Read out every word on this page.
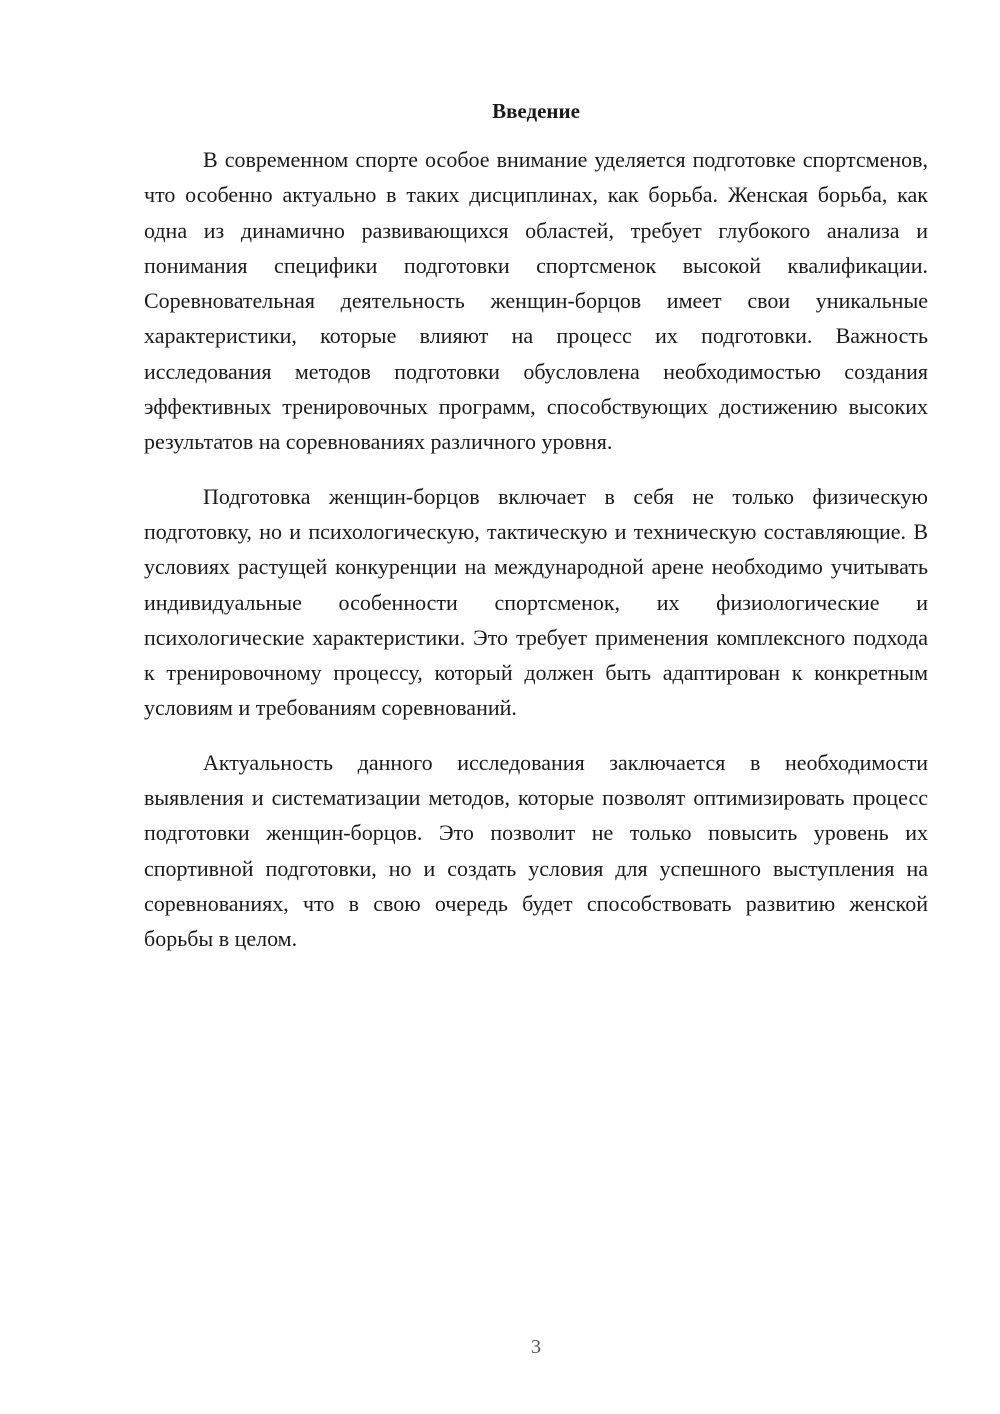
Введение

В современном спорте особое внимание уделяется подготовке спортсменов, что особенно актуально в таких дисциплинах, как борьба. Женская борьба, как одна из динамично развивающихся областей, требует глубокого анализа и понимания специфики подготовки спортсменок высокой квалификации. Соревновательная деятельность женщин-борцов имеет свои уникальные характеристики, которые влияют на процесс их подготовки. Важность исследования методов подготовки обусловлена необходимостью создания эффективных тренировочных программ, способствующих достижению высоких результатов на соревнованиях различного уровня.

Подготовка женщин-борцов включает в себя не только физическую подготовку, но и психологическую, тактическую и техническую составляющие. В условиях растущей конкуренции на международной арене необходимо учитывать индивидуальные особенности спортсменок, их физиологические и психологические характеристики. Это требует применения комплексного подхода к тренировочному процессу, который должен быть адаптирован к конкретным условиям и требованиям соревнований.

Актуальность данного исследования заключается в необходимости выявления и систематизации методов, которые позволят оптимизировать процесс подготовки женщин-борцов. Это позволит не только повысить уровень их спортивной подготовки, но и создать условия для успешного выступления на соревнованиях, что в свою очередь будет способствовать развитию женской борьбы в целом.

3
